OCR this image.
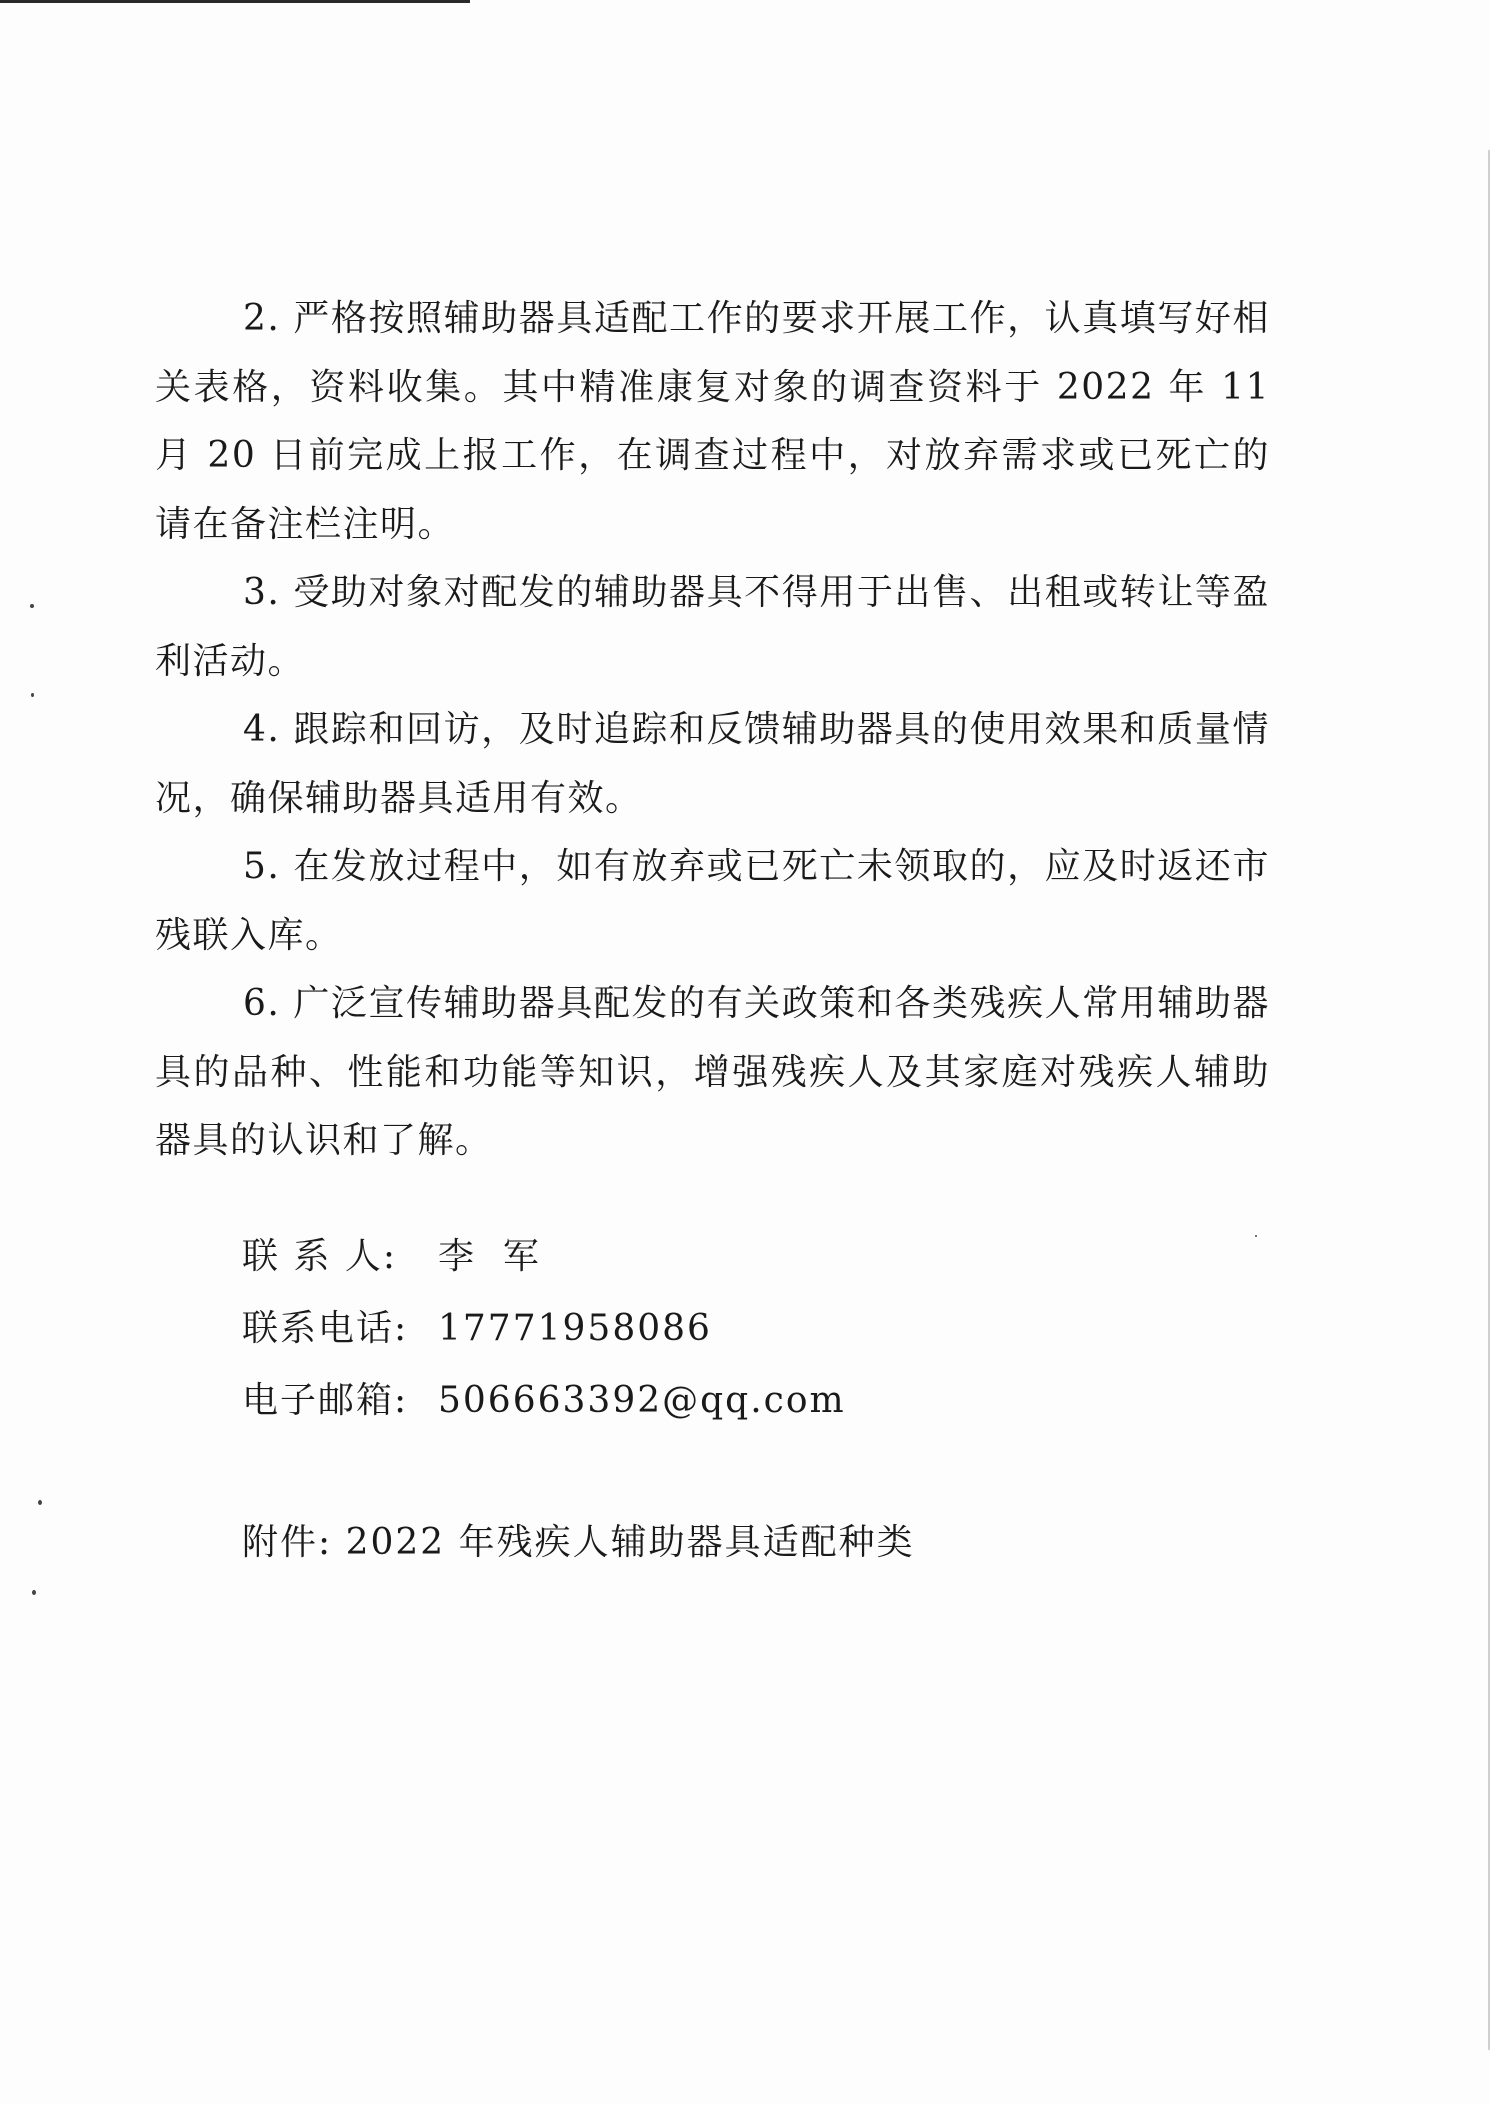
2. 严格按照辅助器具适配工作的要求开展工作，认真填写好相关表格，资料收集。其中精准康复对象的调查资料于 2022 年 11 月 20 日前完成上报工作，在调查过程中，对放弃需求或已死亡的请在备注栏注明。

3. 受助对象对配发的辅助器具不得用于出售、出租或转让等盈利活动。

4. 跟踪和回访，及时追踪和反馈辅助器具的使用效果和质量情况，确保辅助器具适用有效。

5. 在发放过程中，如有放弃或已死亡未领取的，应及时返还市残联入库。

6. 广泛宣传辅助器具配发的有关政策和各类残疾人常用辅助器具的品种、性能和功能等知识，增强残疾人及其家庭对残疾人辅助器具的认识和了解。

联 系 人: 李  军

联系电话: 17771958086

电子邮箱: 506663392@qq.com

附件: 2022 年残疾人辅助器具适配种类
